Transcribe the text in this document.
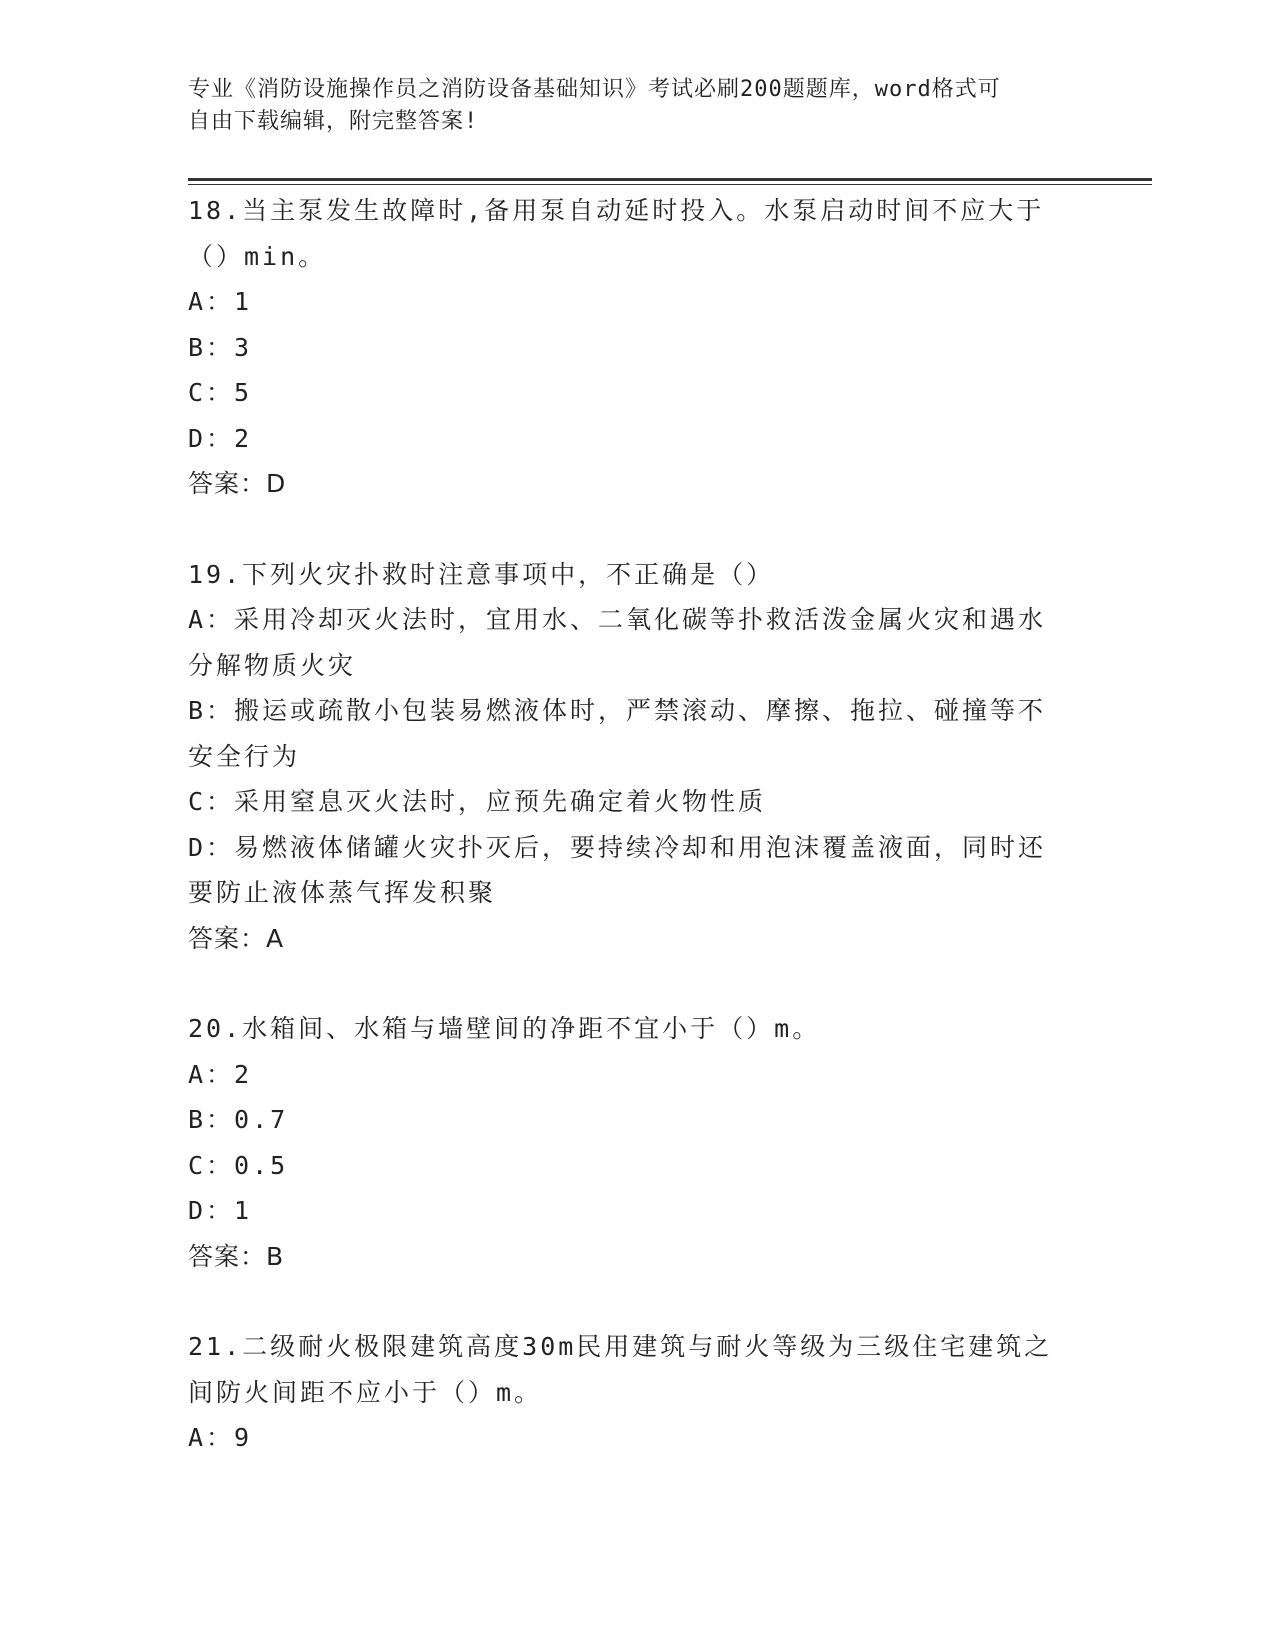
专业《消防设施操作员之消防设备基础知识》考试必刷200题题库，word格式可
自由下载编辑，附完整答案!
18.当主泵发生故障时,备用泵自动延时投入。水泵启动时间不应大于
（）min。
A：1
B：3
C：5
D：2
答案：D
19.下列火灾扑救时注意事项中，不正确是（）
A：采用冷却灭火法时，宜用水、二氧化碳等扑救活泼金属火灾和遇水
分解物质火灾
B：搬运或疏散小包装易燃液体时，严禁滚动、摩擦、拖拉、碰撞等不
安全行为
C：采用窒息灭火法时，应预先确定着火物性质
D：易燃液体储罐火灾扑灭后，要持续冷却和用泡沫覆盖液面，同时还
要防止液体蒸气挥发积聚
答案：A
20.水箱间、水箱与墙壁间的净距不宜小于（）m。
A：2
B：0.7
C：0.5
D：1
答案：B
21.二级耐火极限建筑高度30m民用建筑与耐火等级为三级住宅建筑之
间防火间距不应小于（）m。
A：9
